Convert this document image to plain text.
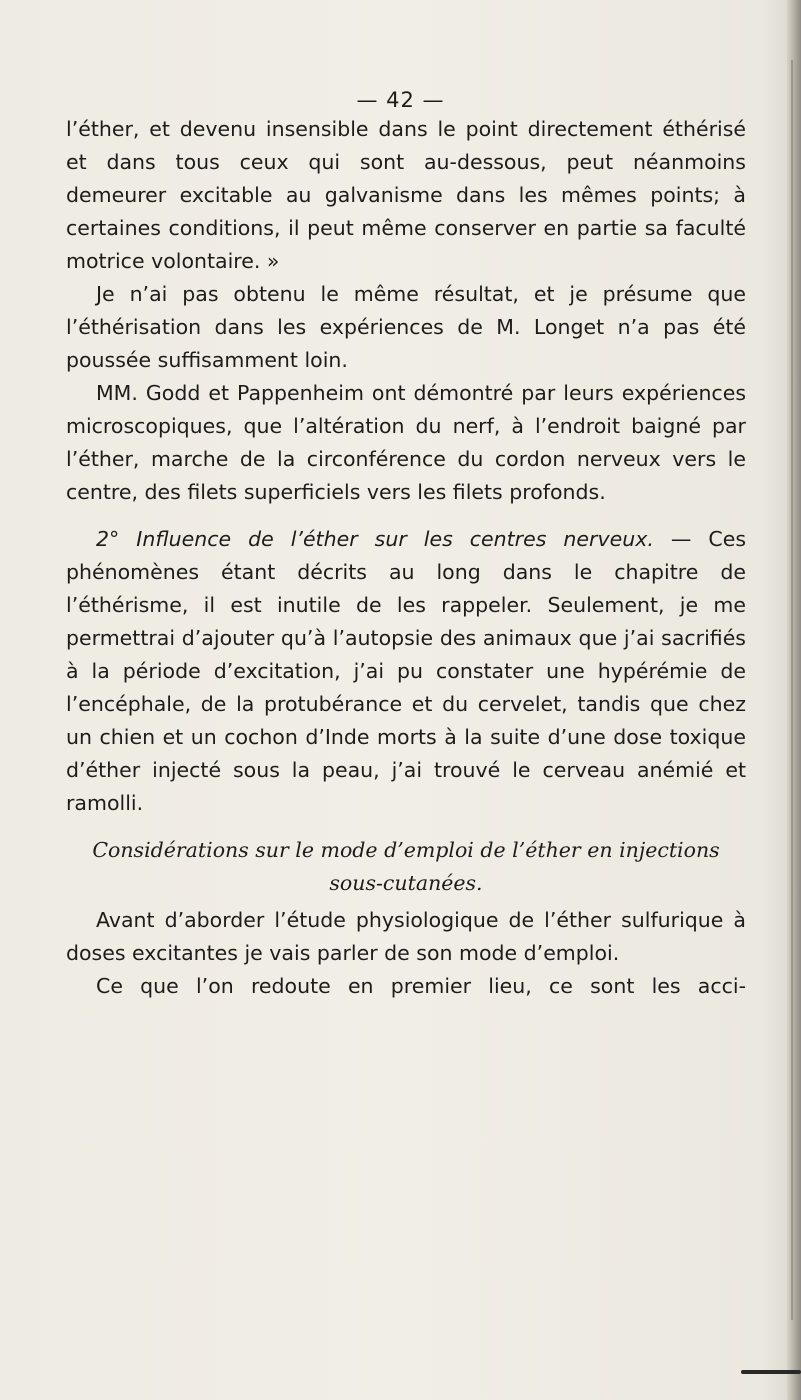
— 42 —

l’éther, et devenu insensible dans le point directement éthérisé et dans tous ceux qui sont au-dessous, peut néanmoins demeurer excitable au galvanisme dans les mêmes points; à certaines conditions, il peut même conserver en partie sa faculté motrice volontaire. »

Je n’ai pas obtenu le même résultat, et je présume que l’éthérisation dans les expériences de M. Longet n’a pas été poussée suffisamment loin.

MM. Godd et Pappenheim ont démontré par leurs expériences microscopiques, que l’altération du nerf, à l’endroit baigné par l’éther, marche de la circonférence du cordon nerveux vers le centre, des filets superficiels vers les filets profonds.

2° Influence de l’éther sur les centres nerveux. — Ces phénomènes étant décrits au long dans le chapitre de l’éthérisme, il est inutile de les rappeler. Seulement, je me permettrai d’ajouter qu’à l’autopsie des animaux que j’ai sacrifiés à la période d’excitation, j’ai pu constater une hypérémie de l’encéphale, de la protubérance et du cervelet, tandis que chez un chien et un cochon d’Inde morts à la suite d’une dose toxique d’éther injecté sous la peau, j’ai trouvé le cerveau anémié et ramolli.

Considérations sur le mode d’emploi de l’éther en injections
sous-cutanées.

Avant d’aborder l’étude physiologique de l’éther sulfurique à doses excitantes je vais parler de son mode d’emploi.

Ce que l’on redoute en premier lieu, ce sont les acci-
